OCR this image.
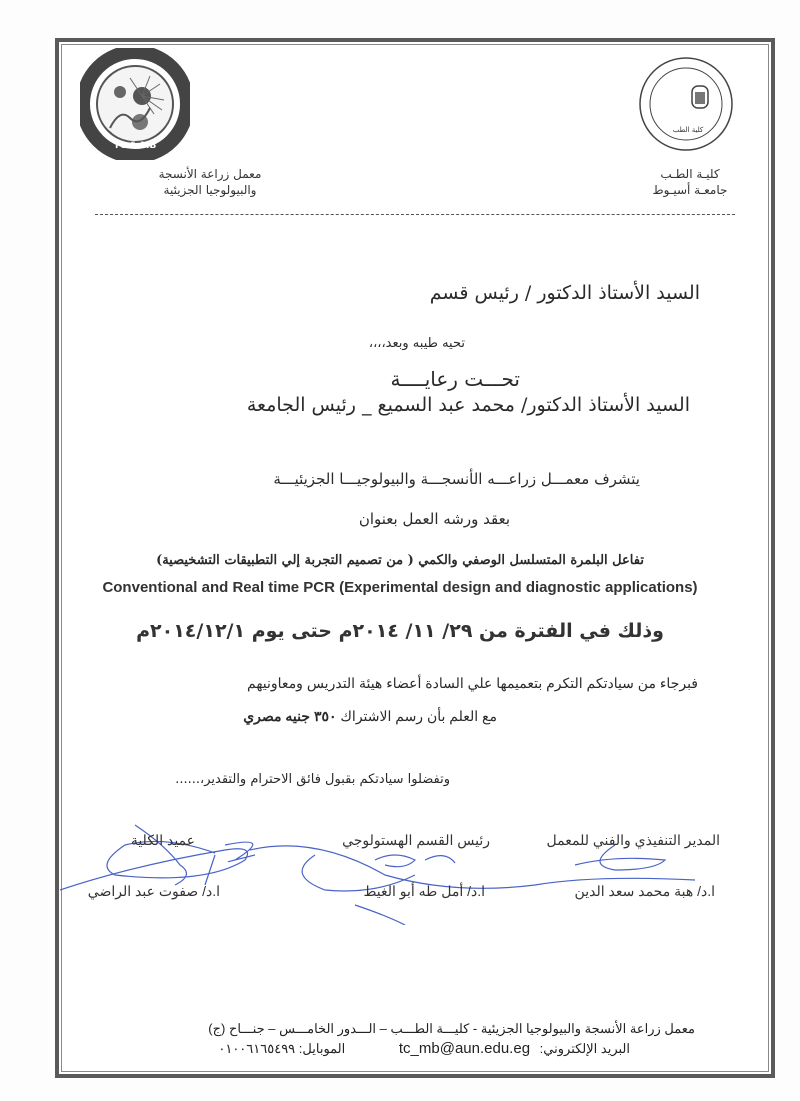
TC & MB
معمل زراعة الأنسجة
والبيولوجيا الجزيئية
كلية الطب
كليـة الطـب
جامعـة أسيـوط
السيد الأستاذ الدكتور / رئيس قسم
تحيه طيبه وبعد،،،،
تحـــت رعايــــة
السيد الأستاذ الدكتور/ محمد عبد السميع _ رئيس الجامعة
يتشرف معمـــل زراعـــه الأنسجـــة والبيولوجيـــا الجزيئيـــة
بعقد ورشه العمل بعنوان
تفاعل البلمرة المتسلسل الوصفي والكمي ( من تصميم التجربة إلي التطبيقات التشخيصية)
Conventional and Real time PCR (Experimental design and diagnostic applications)
وذلك في الفترة من ٢٩/ ١١/ ٢٠١٤م حتى يوم ٢٠١٤/١٢/١م
فبرجاء من سيادتكم التكرم بتعميمها علي السادة أعضاء هيئة التدريس ومعاونيهم
مع العلم بأن رسم الاشتراك ٣٥٠ جنيه مصري
وتفضلوا سيادتكم بقبول فائق الاحترام والتقدير،......
المدير التنفيذي والفني للمعمل
ا.د/ هبة محمد سعد الدين
رئيس القسم الهستولوجي
ا.د/ أمل طه أبو الغيط
عميد الكلية
ا.د/ صفوت عبد الراضي
معمل زراعة الأنسجة والبيولوجيا الجزيئية - كليـــة الطـــب – الـــدور الخامـــس – جنـــاح (ج)
البريد الإلكتروني: tc_mb@aun.edu.eg الموبايل: ٠١٠٠٦١٦٥٤٩٩
